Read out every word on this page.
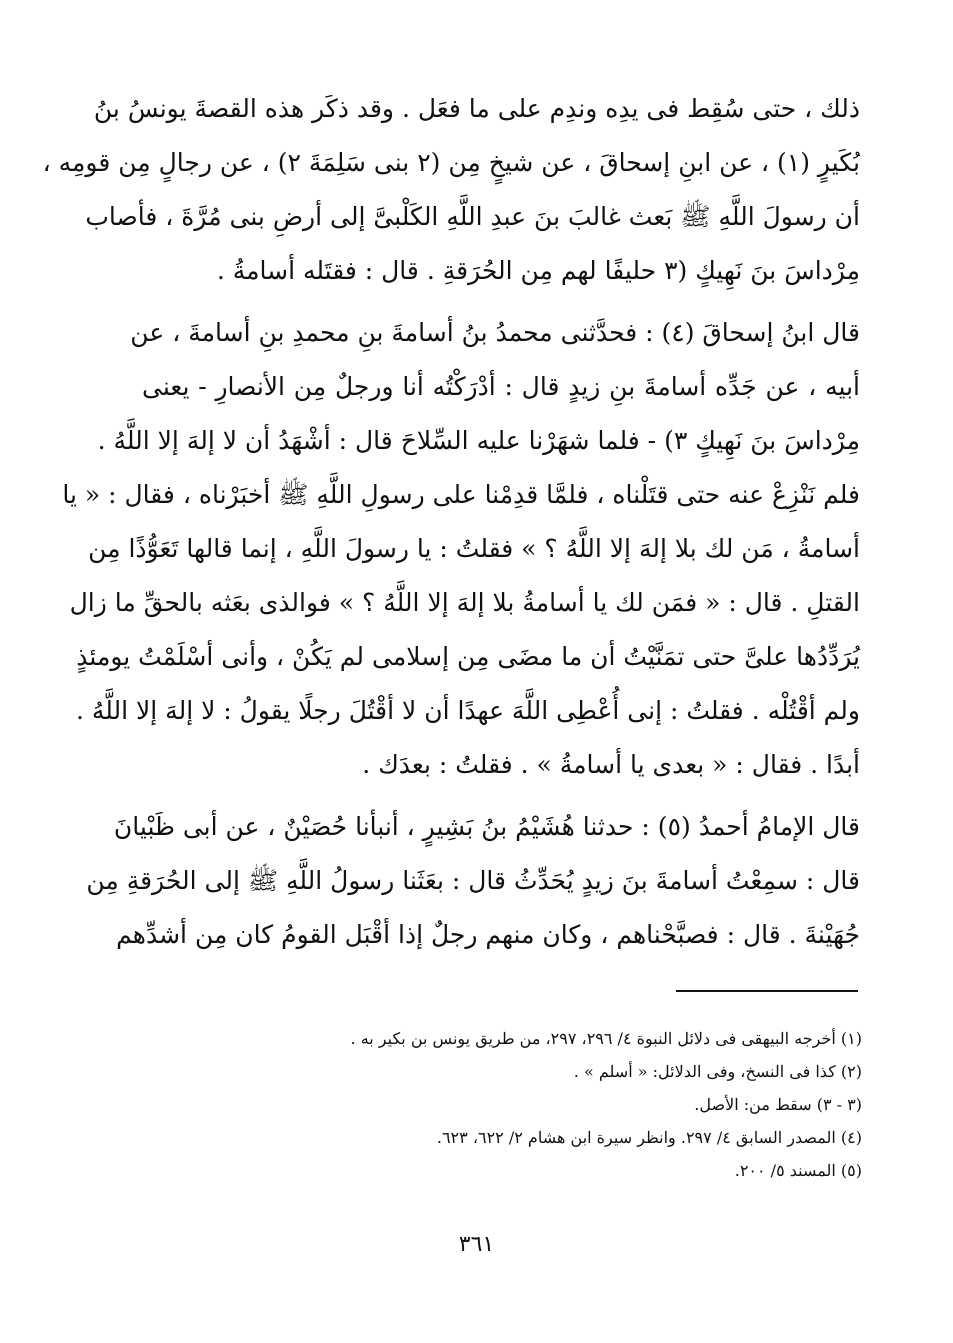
ذلك ، حتى سُقِط فى يدِه وندِم على ما فعَل . وقد ذكَر هذه القصةَ يونسُ بنُ
بُكَيرٍ (١) ، عن ابنِ إسحاقَ ، عن شيخٍ مِن (٢ بنى سَلِمَةَ ٢) ، عن رجالٍ مِن قومِه ،
أن رسولَ اللَّهِ ﷺ بَعث غالبَ بنَ عبدِ اللَّهِ الكَلْبىَّ إلى أرضِ بنى مُرَّةَ ، فأصاب
مِرْداسَ بنَ نَهِيكٍ (٣ حليفًا لهم مِن الحُرَقةِ . قال : فقتَله أسامةُ .
قال ابنُ إسحاقَ (٤) : فحدَّثنى محمدُ بنُ أسامةَ بنِ محمدِ بنِ أسامةَ ، عن
أبيه ، عن جَدِّه أسامةَ بنِ زيدٍ قال : أدْرَكْتُه أنا ورجلٌ مِن الأنصارِ - يعنى
مِرْداسَ بنَ نَهِيكٍ ٣) - فلما شهَرْنا عليه السِّلاحَ قال : أشْهَدُ أن لا إلهَ إلا اللَّهُ .
فلم نَنْزِعْ عنه حتى قتَلْناه ، فلمَّا قدِمْنا على رسولِ اللَّهِ ﷺ أخبَرْناه ، فقال : « يا
أسامةُ ، مَن لك بلا إلهَ إلا اللَّهُ ؟ » فقلتُ : يا رسولَ اللَّهِ ، إنما قالها تَعَوُّذًا مِن
القتلِ . قال : « فمَن لك يا أسامةُ بلا إلهَ إلا اللَّهُ ؟ » فوالذى بعَثه بالحقِّ ما زال
يُرَدِّدُها علىَّ حتى تمَنَّيْتُ أن ما مضَى مِن إسلامى لم يَكُنْ ، وأنى أسْلَمْتُ يومئذٍ
ولم أقْتُلْه . فقلتُ : إنى أُعْطِى اللَّهَ عهدًا أن لا أقْتُلَ رجلًا يقولُ : لا إلهَ إلا اللَّهُ .
أبدًا . فقال : « بعدى يا أسامةُ » . فقلتُ : بعدَك .
قال الإمامُ أحمدُ (٥) : حدثنا هُشَيْمُ بنُ بَشِيرٍ ، أنبأنا حُصَيْنٌ ، عن أبى ظَبْيانَ
قال : سمِعْتُ أسامةَ بنَ زيدٍ يُحَدِّثُ قال : بعَثَنا رسولُ اللَّهِ ﷺ إلى الحُرَقةِ مِن
جُهَيْنةَ . قال : فصبَّحْناهم ، وكان منهم رجلٌ إذا أقْبَل القومُ كان مِن أشدِّهم
(١) أخرجه البيهقى فى دلائل النبوة ٤/ ٢٩٦، ٢٩٧، من طريق يونس بن بكير به .
(٢) كذا فى النسخ، وفى الدلائل: « أسلم » .
(٣ - ٣) سقط من: الأصل.
(٤) المصدر السابق ٤/ ٢٩٧. وانظر سيرة ابن هشام ٢/ ٦٢٢، ٦٢٣.
(٥) المسند ٥/ ٢٠٠.
٣٦١
